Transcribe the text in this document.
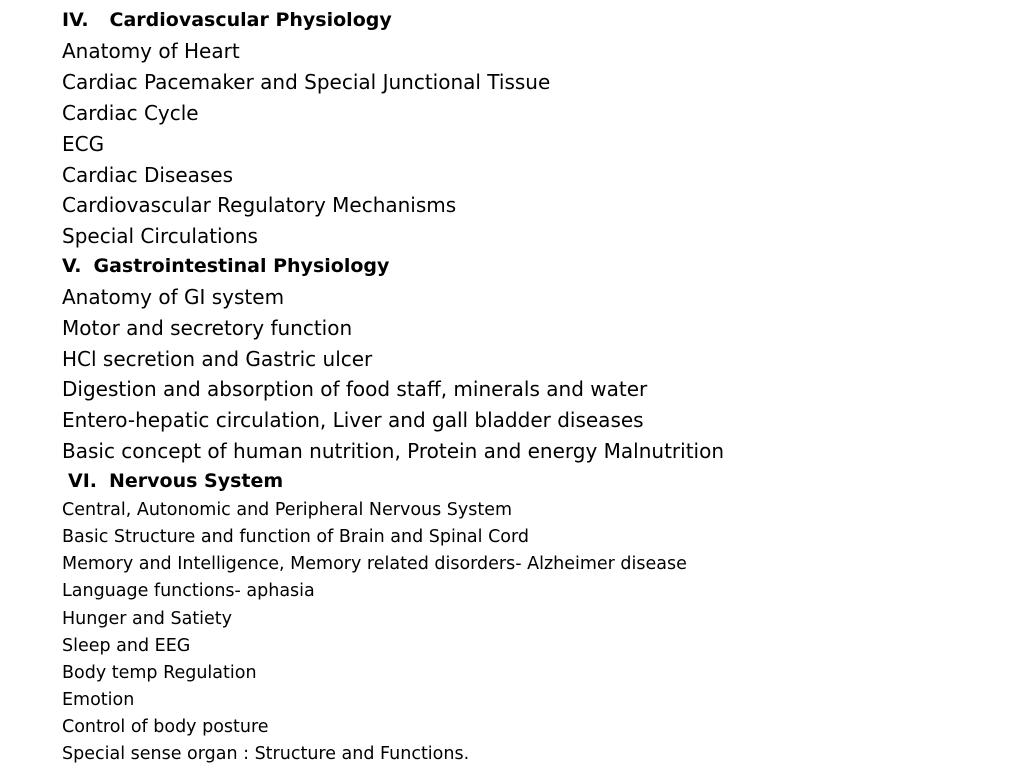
IV. Cardiovascular Physiology
Anatomy of Heart
Cardiac Pacemaker and Special Junctional Tissue
Cardiac Cycle
ECG
Cardiac Diseases
Cardiovascular Regulatory Mechanisms
Special Circulations
V. Gastrointestinal Physiology
Anatomy of GI system
Motor and secretory function
HCl secretion and Gastric ulcer
Digestion and absorption of food staff, minerals and water
Entero-hepatic circulation, Liver and gall bladder diseases
Basic concept of human nutrition, Protein and energy Malnutrition
VI. Nervous System
Central, Autonomic and Peripheral Nervous System
Basic Structure and function of Brain and Spinal Cord
Memory and Intelligence, Memory related disorders- Alzheimer disease
Language functions- aphasia
Hunger and Satiety
Sleep and EEG
Body temp Regulation
Emotion
Control of body posture
Special sense organ : Structure and Functions.
